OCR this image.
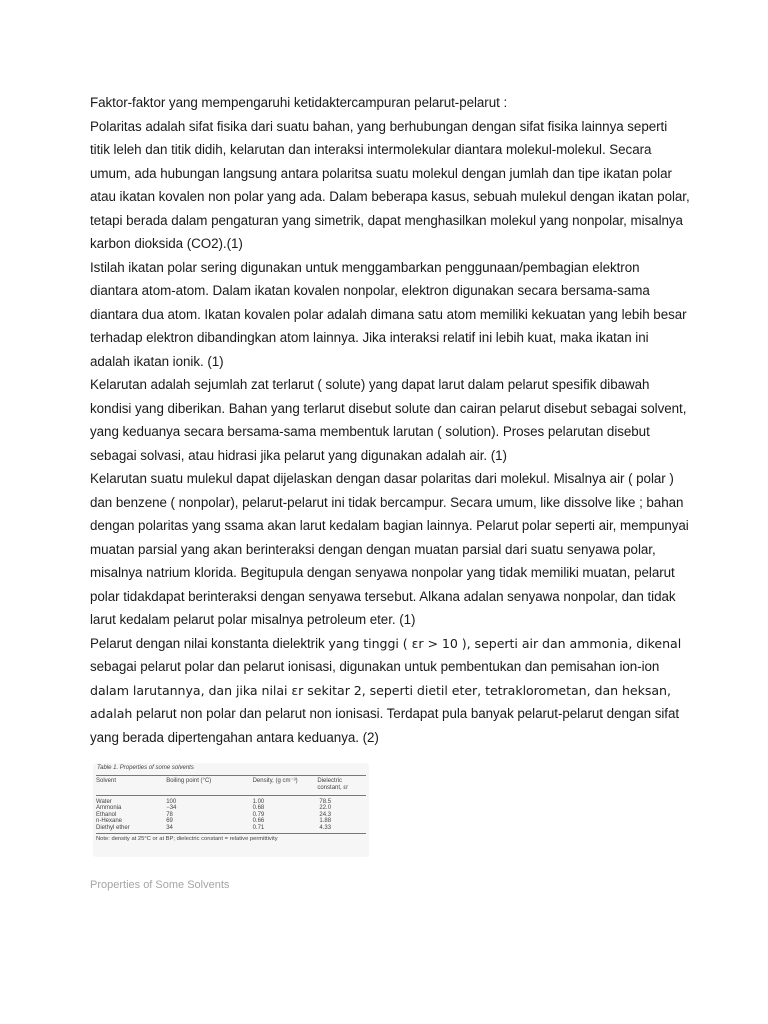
Faktor-faktor yang mempengaruhi ketidaktercampuran pelarut-pelarut :

Polaritas adalah sifat fisika dari suatu bahan, yang berhubungan dengan sifat fisika lainnya seperti titik leleh dan titik didih, kelarutan dan interaksi intermolekular diantara molekul-molekul. Secara umum, ada hubungan langsung antara polaritsa suatu molekul dengan jumlah dan tipe ikatan polar atau ikatan kovalen non polar yang ada. Dalam beberapa kasus, sebuah mulekul dengan ikatan polar, tetapi berada dalam pengaturan yang simetrik, dapat menghasilkan molekul yang nonpolar, misalnya karbon dioksida (CO2).(1)

Istilah ikatan polar sering digunakan untuk menggambarkan penggunaan/pembagian elektron diantara atom-atom. Dalam ikatan kovalen nonpolar, elektron digunakan secara bersama-sama diantara dua atom. Ikatan kovalen polar adalah dimana satu atom memiliki kekuatan yang lebih besar terhadap elektron dibandingkan atom lainnya. Jika interaksi relatif ini lebih kuat, maka ikatan ini adalah ikatan ionik. (1)

Kelarutan adalah sejumlah zat terlarut ( solute) yang dapat larut dalam pelarut spesifik dibawah kondisi yang diberikan. Bahan yang terlarut disebut solute dan cairan pelarut disebut sebagai solvent, yang keduanya secara bersama-sama membentuk larutan ( solution). Proses pelarutan disebut sebagai solvasi, atau hidrasi jika pelarut yang digunakan adalah air. (1)

Kelarutan suatu mulekul dapat dijelaskan dengan dasar polaritas dari molekul. Misalnya air ( polar ) dan benzene ( nonpolar), pelarut-pelarut ini tidak bercampur. Secara umum, like dissolve like ; bahan dengan polaritas yang ssama akan larut kedalam bagian lainnya. Pelarut polar seperti air, mempunyai muatan parsial yang akan berinteraksi dengan dengan muatan parsial dari suatu senyawa polar, misalnya natrium klorida. Begitupula dengan senyawa nonpolar yang tidak memiliki muatan, pelarut polar tidakdapat berinteraksi dengan senyawa tersebut. Alkana adalan senyawa nonpolar, dan tidak larut kedalam pelarut polar misalnya petroleum eter. (1)

Pelarut dengan nilai konstanta dielektrik yang tinggi ( εr > 10 ), seperti air dan ammonia, dikenal sebagai pelarut polar dan pelarut ionisasi, digunakan untuk pembentukan dan pemisahan ion-ion dalam larutannya, dan jika nilai εr sekitar 2, seperti dietil eter, tetraklorometan, dan heksan, adalah pelarut non polar dan pelarut non ionisasi. Terdapat pula banyak pelarut-pelarut dengan sifat yang berada dipertengahan antara keduanya. (2)

Table 1. Properties of some solvents
Solvent	Boiling point (°C)	Density, (g cm⁻³)	Dielectric constant, εr
Water	100	1.00	78.5
Ammonia	−34	0.68	22.0
Ethanol	78	0.79	24.3
n-Hexane	69	0.66	1.88
Diethyl ether	34	0.71	4.33
Note: density at 25°C or at BP; dielectric constant = relative permittivity
Properties of Some Solvents
